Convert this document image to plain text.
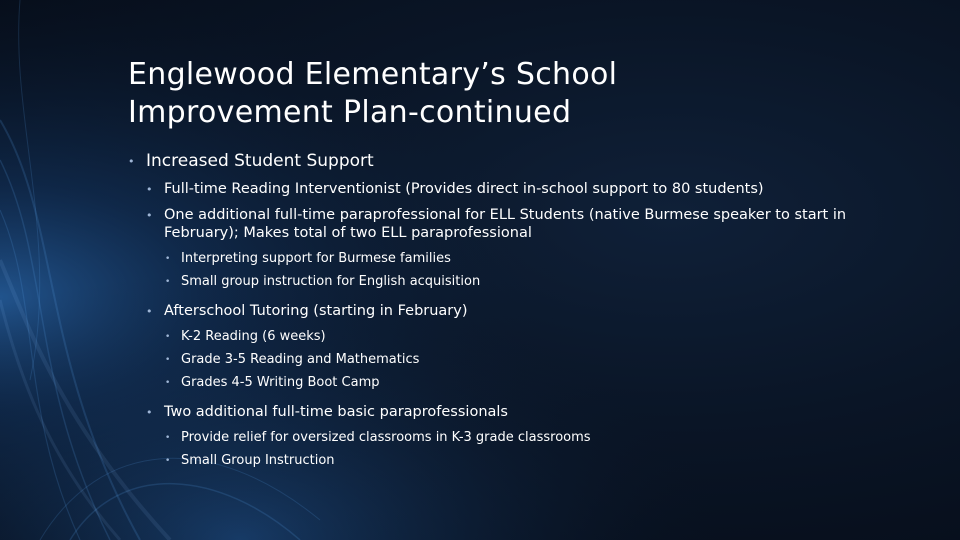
Englewood Elementary’s School
Improvement Plan-continued
• Increased Student Support
• Full-time Reading Interventionist (Provides direct in-school support to 80 students)
• One additional full-time paraprofessional for ELL Students (native Burmese speaker to start in February); Makes total of two ELL paraprofessional
• Interpreting support for Burmese families
• Small group instruction for English acquisition
• Afterschool Tutoring (starting in February)
• K-2 Reading (6 weeks)
• Grade 3-5 Reading and Mathematics
• Grades 4-5 Writing Boot Camp
• Two additional full-time basic paraprofessionals
• Provide relief for oversized classrooms in K-3 grade classrooms
• Small Group Instruction
